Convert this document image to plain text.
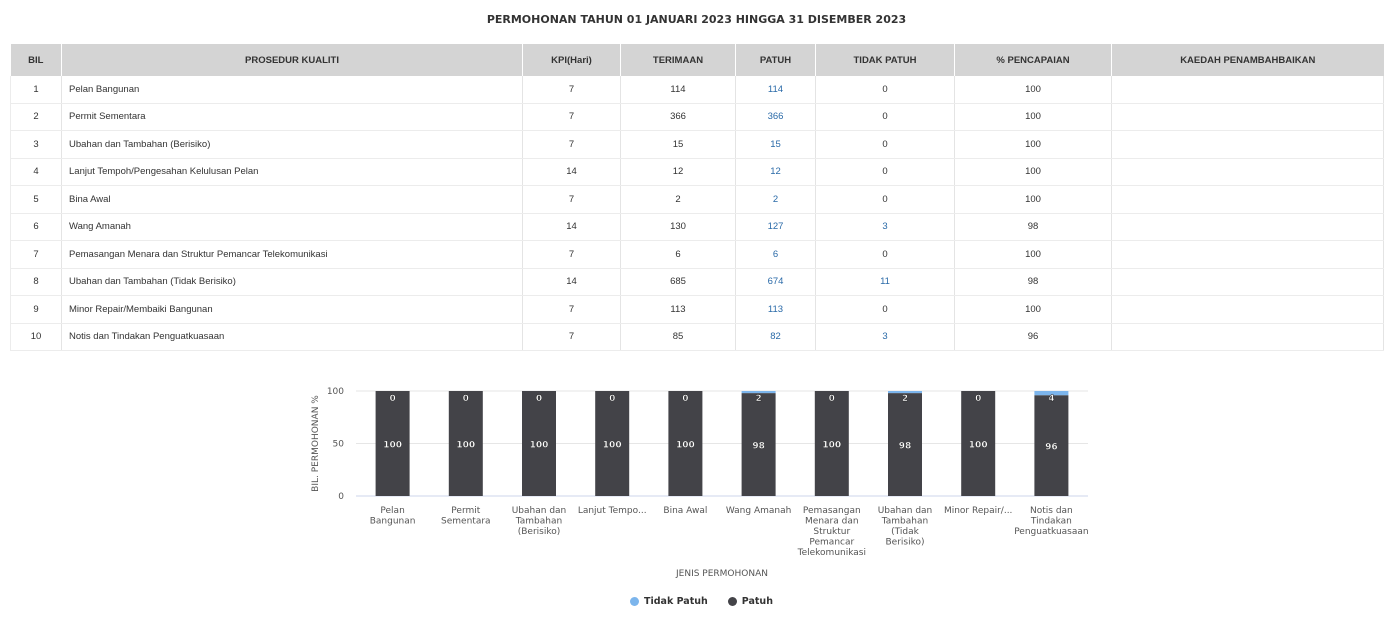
PERMOHONAN TAHUN 01 JANUARI 2023 HINGGA 31 DISEMBER 2023
BIL	PROSEDUR KUALITI	KPI(Hari)	TERIMAAN	PATUH	TIDAK PATUH	% PENCAPAIAN	KAEDAH PENAMBAHBAIKAN
1	Pelan Bangunan	7	114	114	0	100	
2	Permit Sementara	7	366	366	0	100	
3	Ubahan dan Tambahan (Berisiko)	7	15	15	0	100	
4	Lanjut Tempoh/Pengesahan Kelulusan Pelan	14	12	12	0	100	
5	Bina Awal	7	2	2	0	100	
6	Wang Amanah	14	130	127	3	98	
7	Pemasangan Menara dan Struktur Pemancar Telekomunikasi	7	6	6	0	100	
8	Ubahan dan Tambahan (Tidak Berisiko)	14	685	674	11	98	
9	Minor Repair/Membaiki Bangunan	7	113	113	0	100	
10	Notis dan Tindakan Penguatkuasaan	7	85	82	3	96	
0
50
100
BIL. PERMOHONAN %	100
0
Pelan
Bangunan
100
0
Permit
Sementara
100
0
Ubahan dan
Tambahan
(Berisiko)
100
0
Lanjut Tempo...
100
0
Bina Awal
98
2
Wang Amanah
100
0
Pemasangan
Menara dan
Struktur
Pemancar
Telekomunikasi
98
2
Ubahan dan
Tambahan
(Tidak
Berisiko)
100
0
Minor Repair/...
96
4
Notis dan
Tindakan
Penguatkuasaan
JENIS PERMOHONAN
Tidak Patuh	Patuh
